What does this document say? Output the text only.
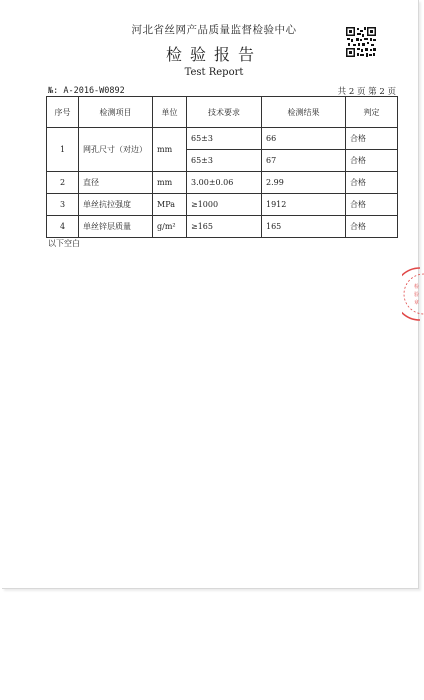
河北省丝网产品质量监督检验中心
检验报告
Test Report
№: A-2016-W0892	共 2 页 第 2 页
序号	检测项目	单位	技术要求	检测结果	判定
1	网孔尺寸（对边）	mm	65±3	66	合格
			65±3	67	合格
2	直径	mm	3.00±0.06	2.99	合格
3	单丝抗拉强度	MPa	≥1000	1912	合格
4	单丝锌层质量	g/m²	≥165	165	合格
以下空白
检
验
章
